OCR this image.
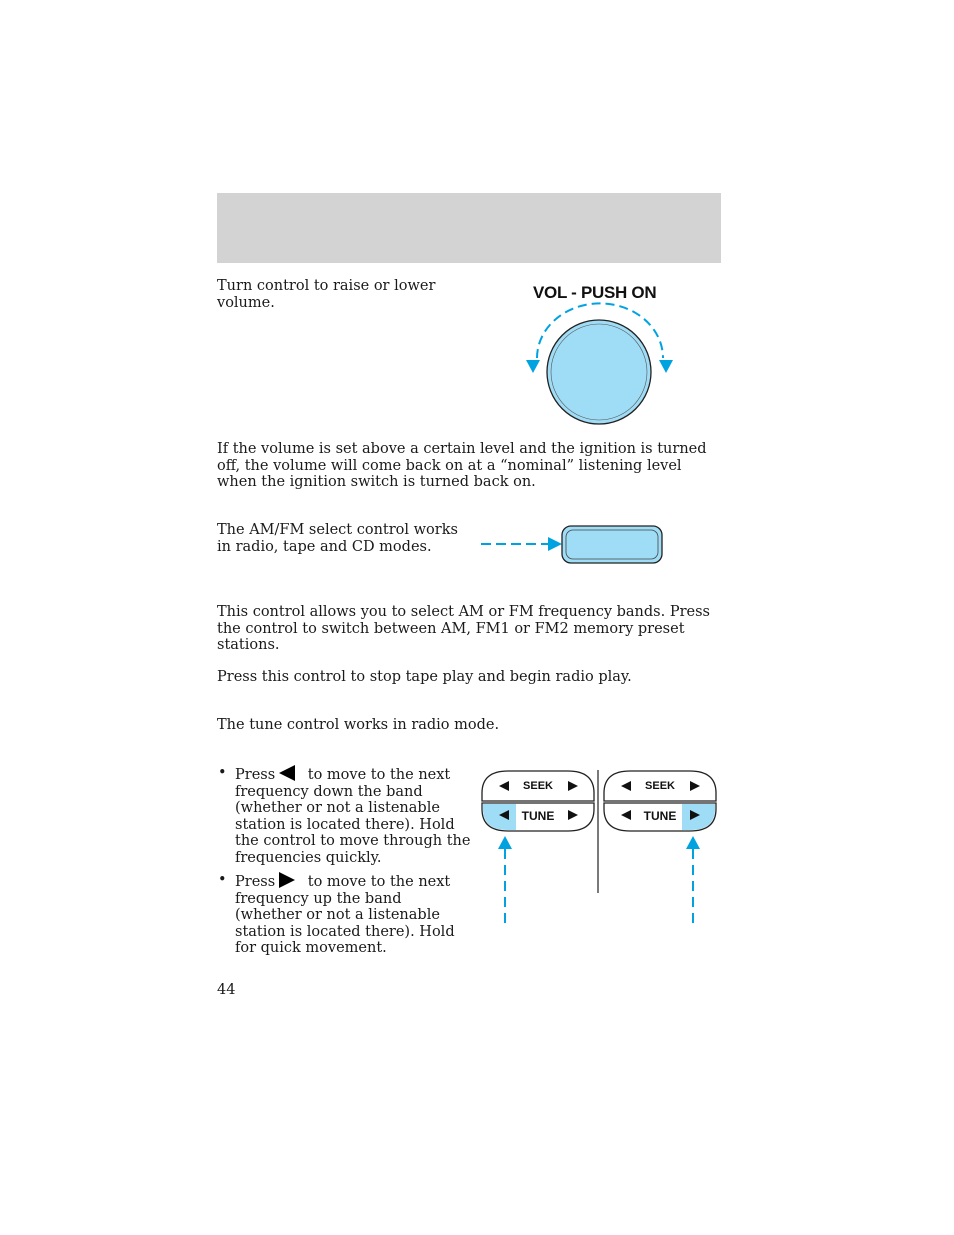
Turn control to raise or lower volume.

VOL - PUSH ON

If the volume is set above a certain level and the ignition is turned off, the volume will come back on at a “nominal” listening level when the ignition switch is turned back on.

The AM/FM select control works in radio, tape and CD modes.

This control allows you to select AM or FM frequency bands. Press the control to switch between AM, FM1 or FM2 memory preset stations.

Press this control to stop tape play and begin radio play.

The tune control works in radio mode.

• Press to move to the next frequency down the band (whether or not a listenable station is located there). Hold the control to move through the frequencies quickly.
• Press to move to the next frequency up the band (whether or not a listenable station is located there). Hold for quick movement.
SEEK
TUNE
SEEK
TUNE
44
